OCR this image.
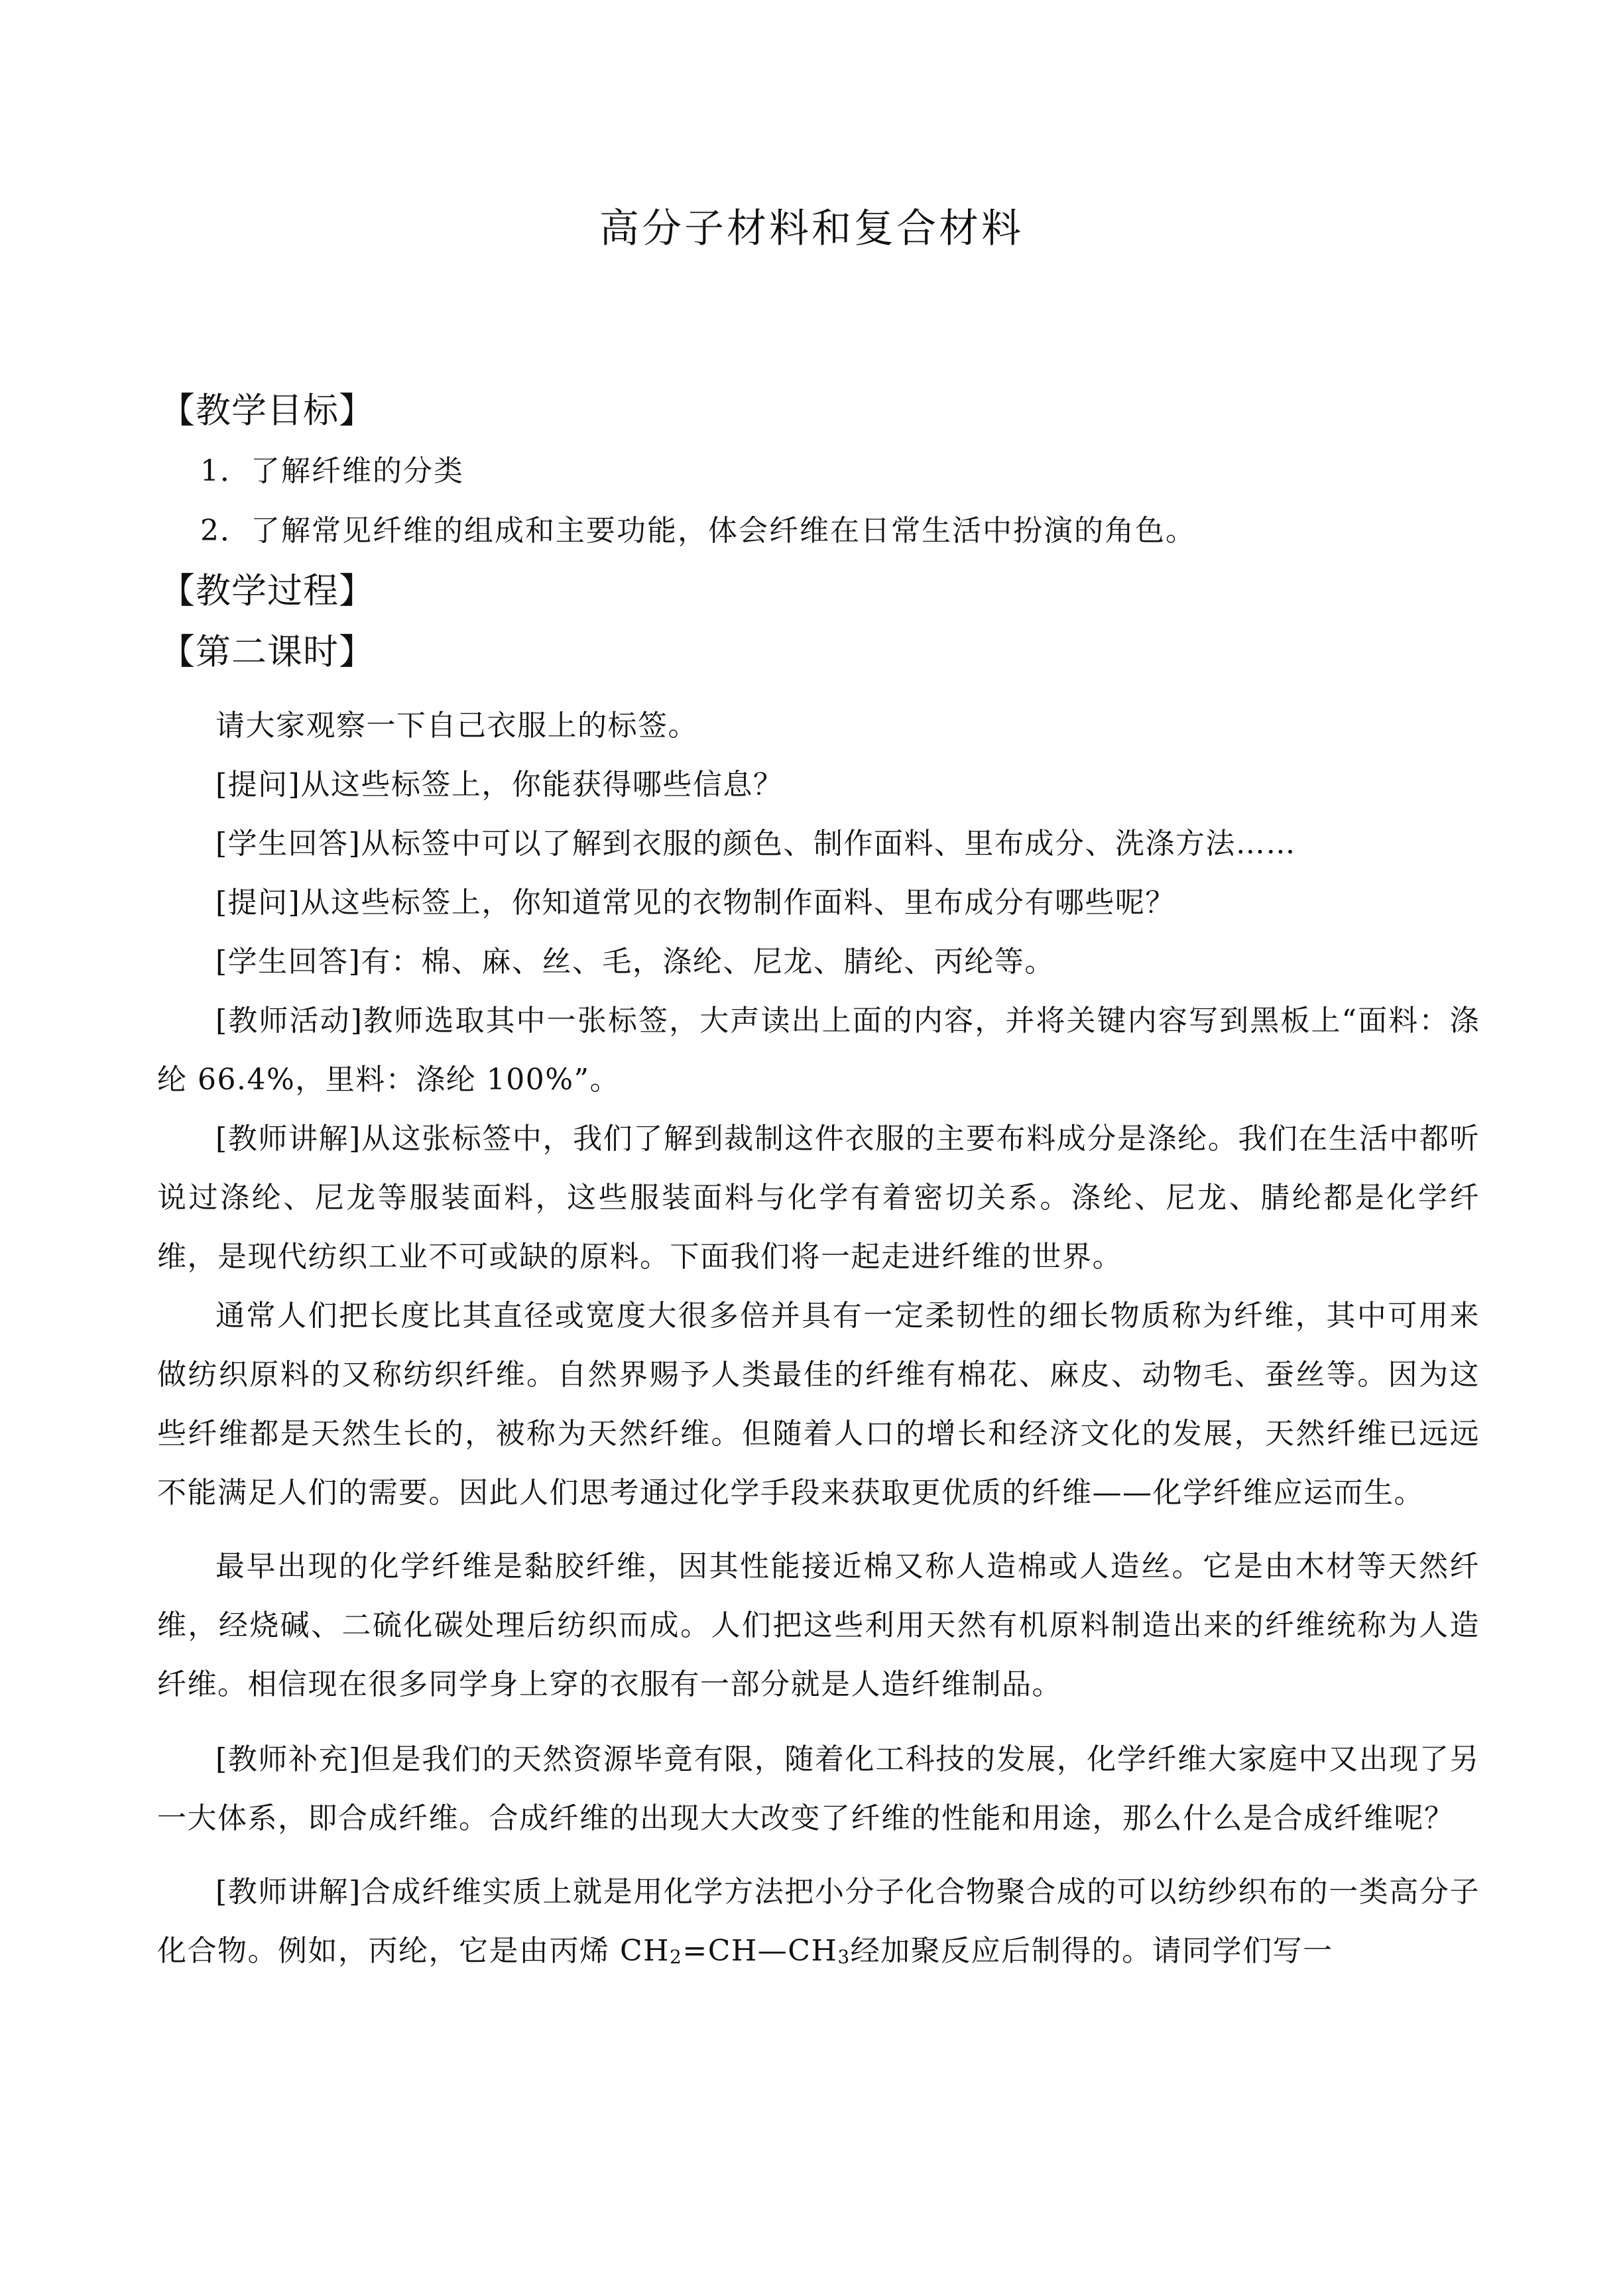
高分子材料和复合材料
【教学目标】
1．了解纤维的分类
2．了解常见纤维的组成和主要功能，体会纤维在日常生活中扮演的角色。
【教学过程】
【第二课时】

请大家观察一下自己衣服上的标签。

[提问]从这些标签上，你能获得哪些信息？

[学生回答]从标签中可以了解到衣服的颜色、制作面料、里布成分、洗涤方法……

[提问]从这些标签上，你知道常见的衣物制作面料、里布成分有哪些呢？

[学生回答]有：棉、麻、丝、毛，涤纶、尼龙、腈纶、丙纶等。

[教师活动]教师选取其中一张标签，大声读出上面的内容，并将关键内容写到黑板上“面料：涤纶 66.4%，里料：涤纶 100%”。

[教师讲解]从这张标签中，我们了解到裁制这件衣服的主要布料成分是涤纶。我们在生活中都听说过涤纶、尼龙等服装面料，这些服装面料与化学有着密切关系。涤纶、尼龙、腈纶都是化学纤维，是现代纺织工业不可或缺的原料。下面我们将一起走进纤维的世界。

通常人们把长度比其直径或宽度大很多倍并具有一定柔韧性的细长物质称为纤维，其中可用来做纺织原料的又称纺织纤维。自然界赐予人类最佳的纤维有棉花、麻皮、动物毛、蚕丝等。因为这些纤维都是天然生长的，被称为天然纤维。但随着人口的增长和经济文化的发展，天然纤维已远远不能满足人们的需要。因此人们思考通过化学手段来获取更优质的纤维——化学纤维应运而生。

最早出现的化学纤维是黏胶纤维，因其性能接近棉又称人造棉或人造丝。它是由木材等天然纤维，经烧碱、二硫化碳处理后纺织而成。人们把这些利用天然有机原料制造出来的纤维统称为人造纤维。相信现在很多同学身上穿的衣服有一部分就是人造纤维制品。

[教师补充]但是我们的天然资源毕竟有限，随着化工科技的发展，化学纤维大家庭中又出现了另一大体系，即合成纤维。合成纤维的出现大大改变了纤维的性能和用途，那么什么是合成纤维呢？

[教师讲解]合成纤维实质上就是用化学方法把小分子化合物聚合成的可以纺纱织布的一类高分子化合物。例如，丙纶，它是由丙烯 $CH_2=CH—CH_3$经加聚反应后制得的。请同学们写一
